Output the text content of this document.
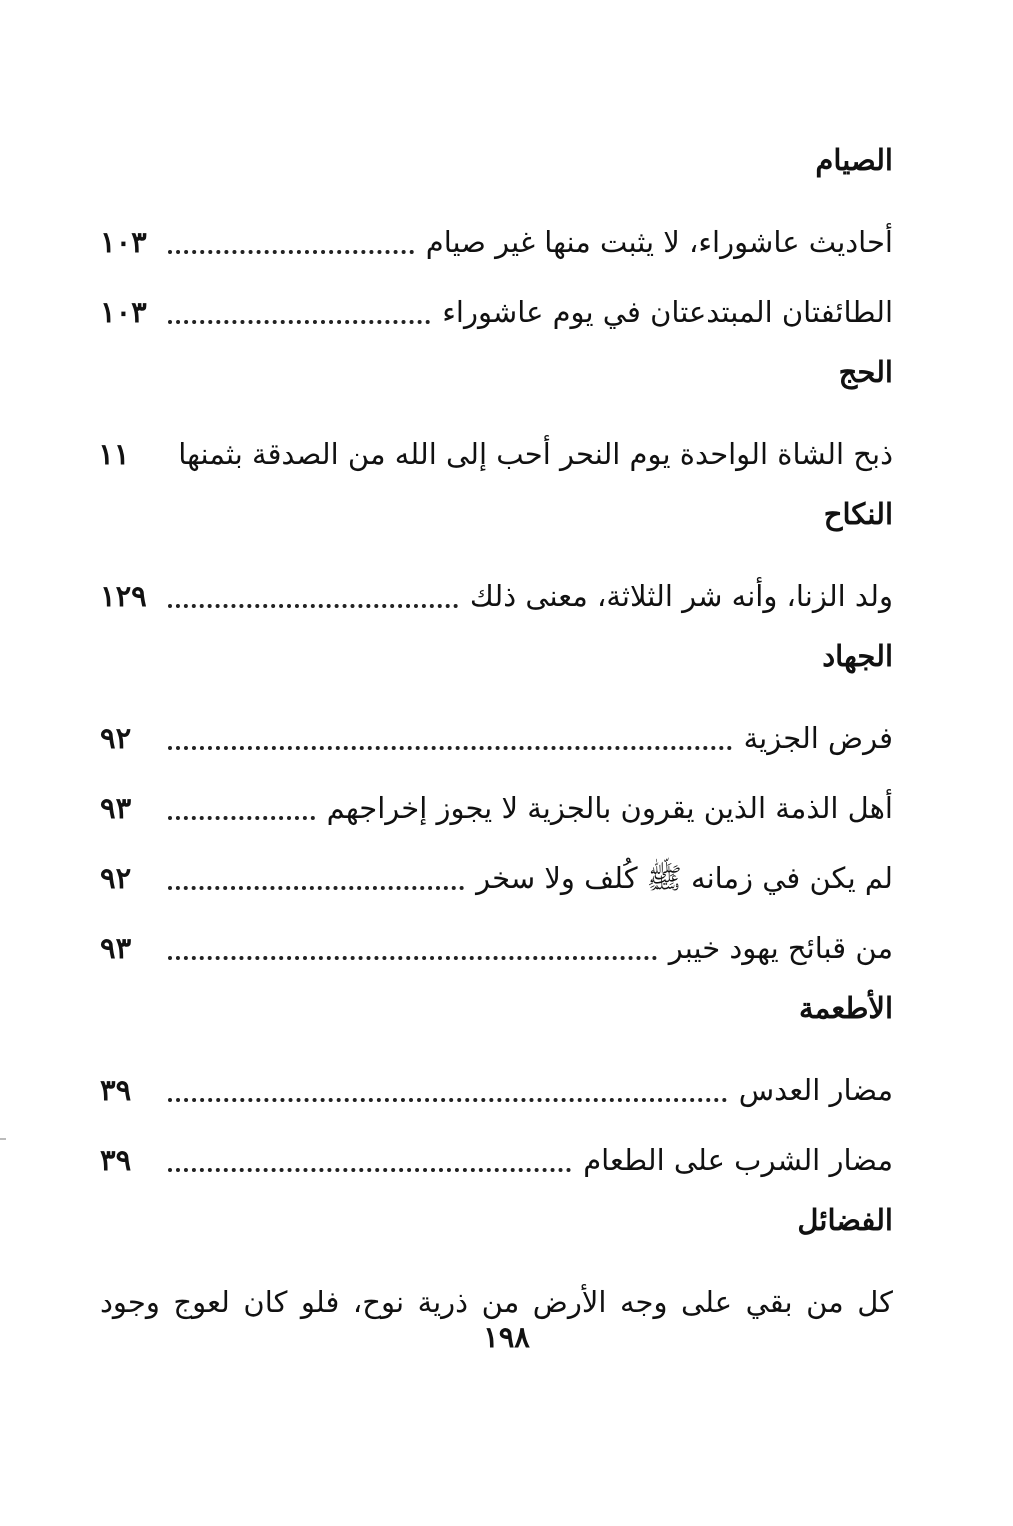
الصيام
أحاديث عاشوراء، لا يثبت منها غير صيام
١٠٣
الطائفتان المبتدعتان في يوم عاشوراء
١٠٣
الحج
ذبح الشاة الواحدة يوم النحر أحب إلى الله من الصدقة بثمنها
١١
النكاح
ولد الزنا، وأنه شر الثلاثة، معنى ذلك
١٢٩
الجهاد
فرض الجزية
٩٢
أهل الذمة الذين يقرون بالجزية لا يجوز إخراجهم
٩٣
لم يكن في زمانه ﷺ كُلف ولا سخر
٩٢
من قبائح يهود خيبر
٩٣
الأطعمة
مضار العدس
٣٩
مضار الشرب على الطعام
٣٩
الفضائل
كل من بقي على وجه الأرض من ذرية نوح، فلو كان لعوج وجود
١٩٨
